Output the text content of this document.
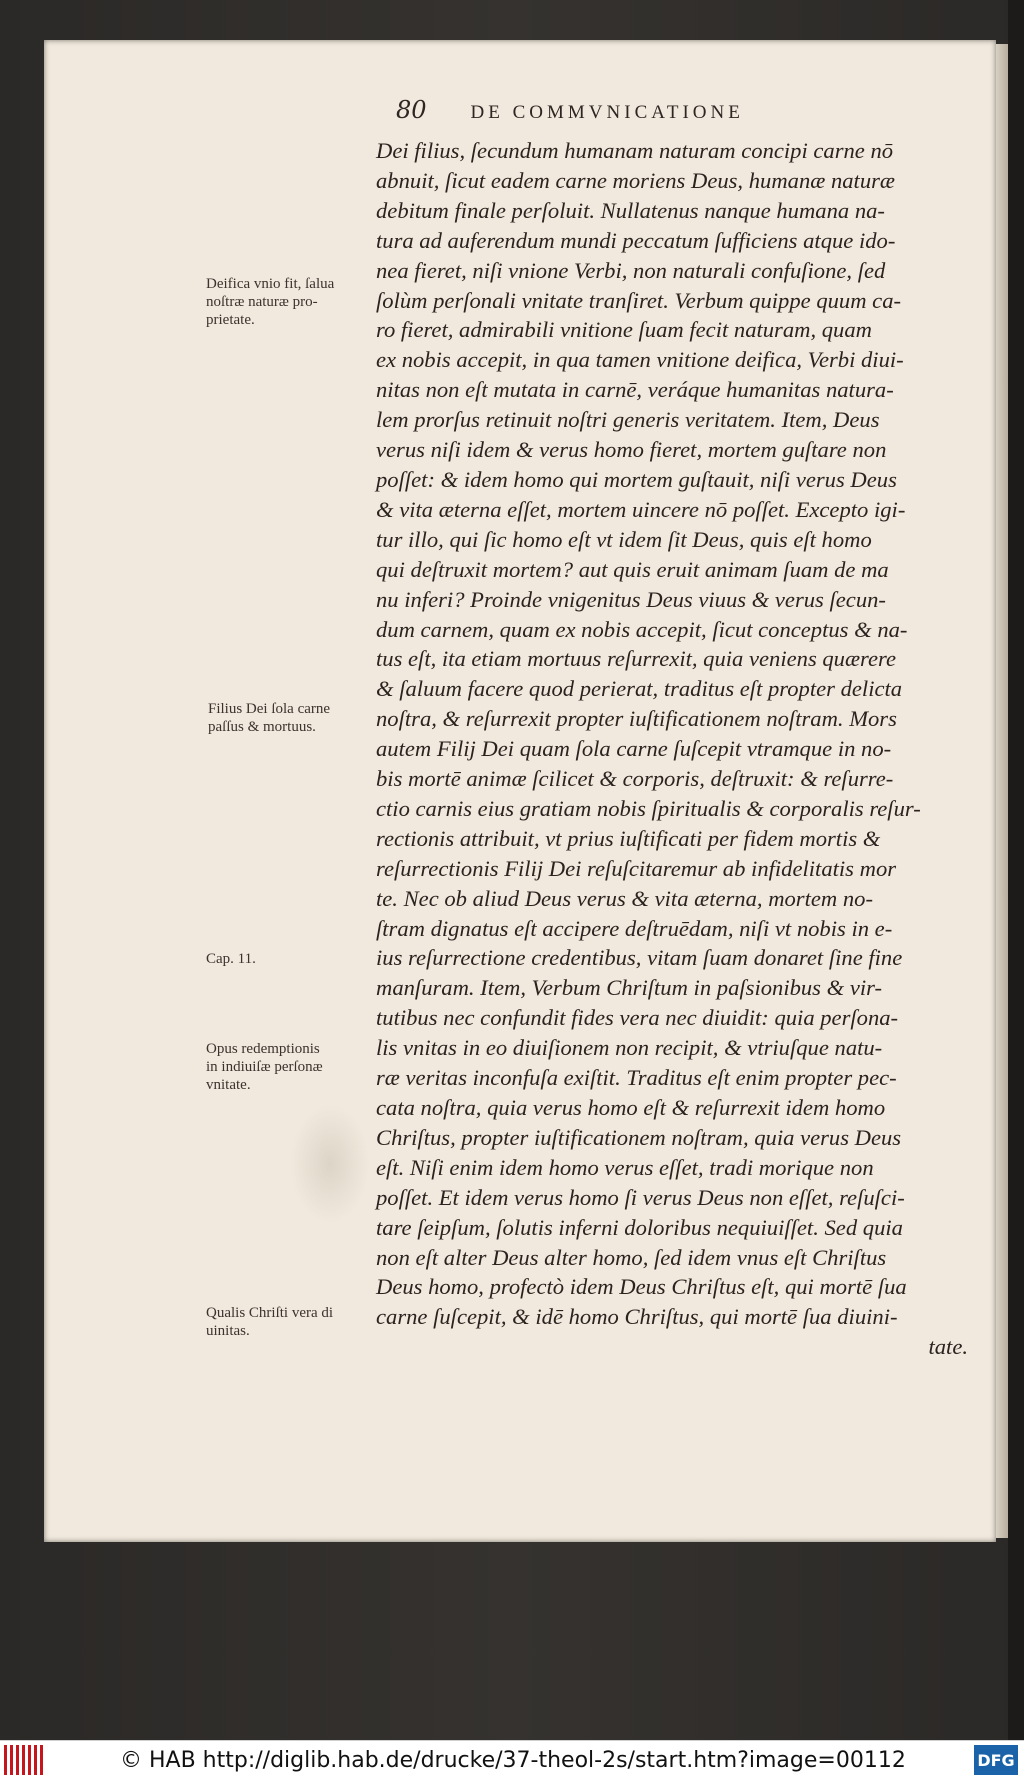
80 DE COMMVNICATIONE
Dei filius, ſecundum humanam naturam concipi carne nō
abnuit, ſicut eadem carne moriens Deus, humanæ naturæ
debitum finale perſoluit. Nullatenus nanque humana na-
tura ad auferendum mundi peccatum ſufficiens atque ido-
nea fieret, niſi vnione Verbi, non naturali confuſione, ſed
ſolùm perſonali vnitate tranſiret. Verbum quippe quum ca-
ro fieret, admirabili vnitione ſuam fecit naturam, quam
ex nobis accepit, in qua tamen vnitione deifica, Verbi diui-
nitas non eſt mutata in carnē, veráque humanitas natura-
lem prorſus retinuit noſtri generis veritatem. Item, Deus
verus niſi idem & verus homo fieret, mortem guſtare non
poſſet: & idem homo qui mortem guſtauit, niſi verus Deus
& vita æterna eſſet, mortem uincere nō poſſet. Excepto igi-
tur illo, qui ſic homo eſt vt idem ſit Deus, quis eſt homo
qui deſtruxit mortem? aut quis eruit animam ſuam de ma
nu inferi? Proinde vnigenitus Deus viuus & verus ſecun-
dum carnem, quam ex nobis accepit, ſicut conceptus & na-
tus eſt, ita etiam mortuus reſurrexit, quia veniens quærere
& ſaluum facere quod perierat, traditus eſt propter delicta
noſtra, & reſurrexit propter iuſtificationem noſtram. Mors
autem Filij Dei quam ſola carne ſuſcepit vtramque in no-
bis mortē animæ ſcilicet & corporis, deſtruxit: & reſurre-
ctio carnis eius gratiam nobis ſpiritualis & corporalis reſur-
rectionis attribuit, vt prius iuſtificati per fidem mortis &
reſurrectionis Filij Dei reſuſcitaremur ab infidelitatis mor
te. Nec ob aliud Deus verus & vita æterna, mortem no-
ſtram dignatus eſt accipere deſtruēdam, niſi vt nobis in e-
ius reſurrectione credentibus, vitam ſuam donaret ſine fine
manſuram. Item, Verbum Chriſtum in paſsionibus & vir-
tutibus nec confundit fides vera nec diuidit: quia perſona-
lis vnitas in eo diuiſionem non recipit, & vtriuſque natu-
ræ veritas inconfuſa exiſtit. Traditus eſt enim propter pec-
cata noſtra, quia verus homo eſt & reſurrexit idem homo
Chriſtus, propter iuſtificationem noſtram, quia verus Deus
eſt. Niſi enim idem homo verus eſſet, tradi morique non
poſſet. Et idem verus homo ſi verus Deus non eſſet, reſuſci-
tare ſeipſum, ſolutis inferni doloribus nequiuiſſet. Sed quia
non eſt alter Deus alter homo, ſed idem vnus eſt Chriſtus
Deus homo, profectò idem Deus Chriſtus eſt, qui mortē ſua
carne ſuſcepit, & idē homo Chriſtus, qui mortē ſua diuini-
tate.
Deifica vnio fit, ſalua
noſtræ naturæ pro-
prietate.
Filius Dei ſola carne
paſſus & mortuus.
Cap. 11.
Opus redemptionis
in indiuiſæ perſonæ
vnitate.
Qualis Chriſti vera di
uinitas.
© HAB http://diglib.hab.de/drucke/37-theol-2s/start.htm?image=00112	DFG
